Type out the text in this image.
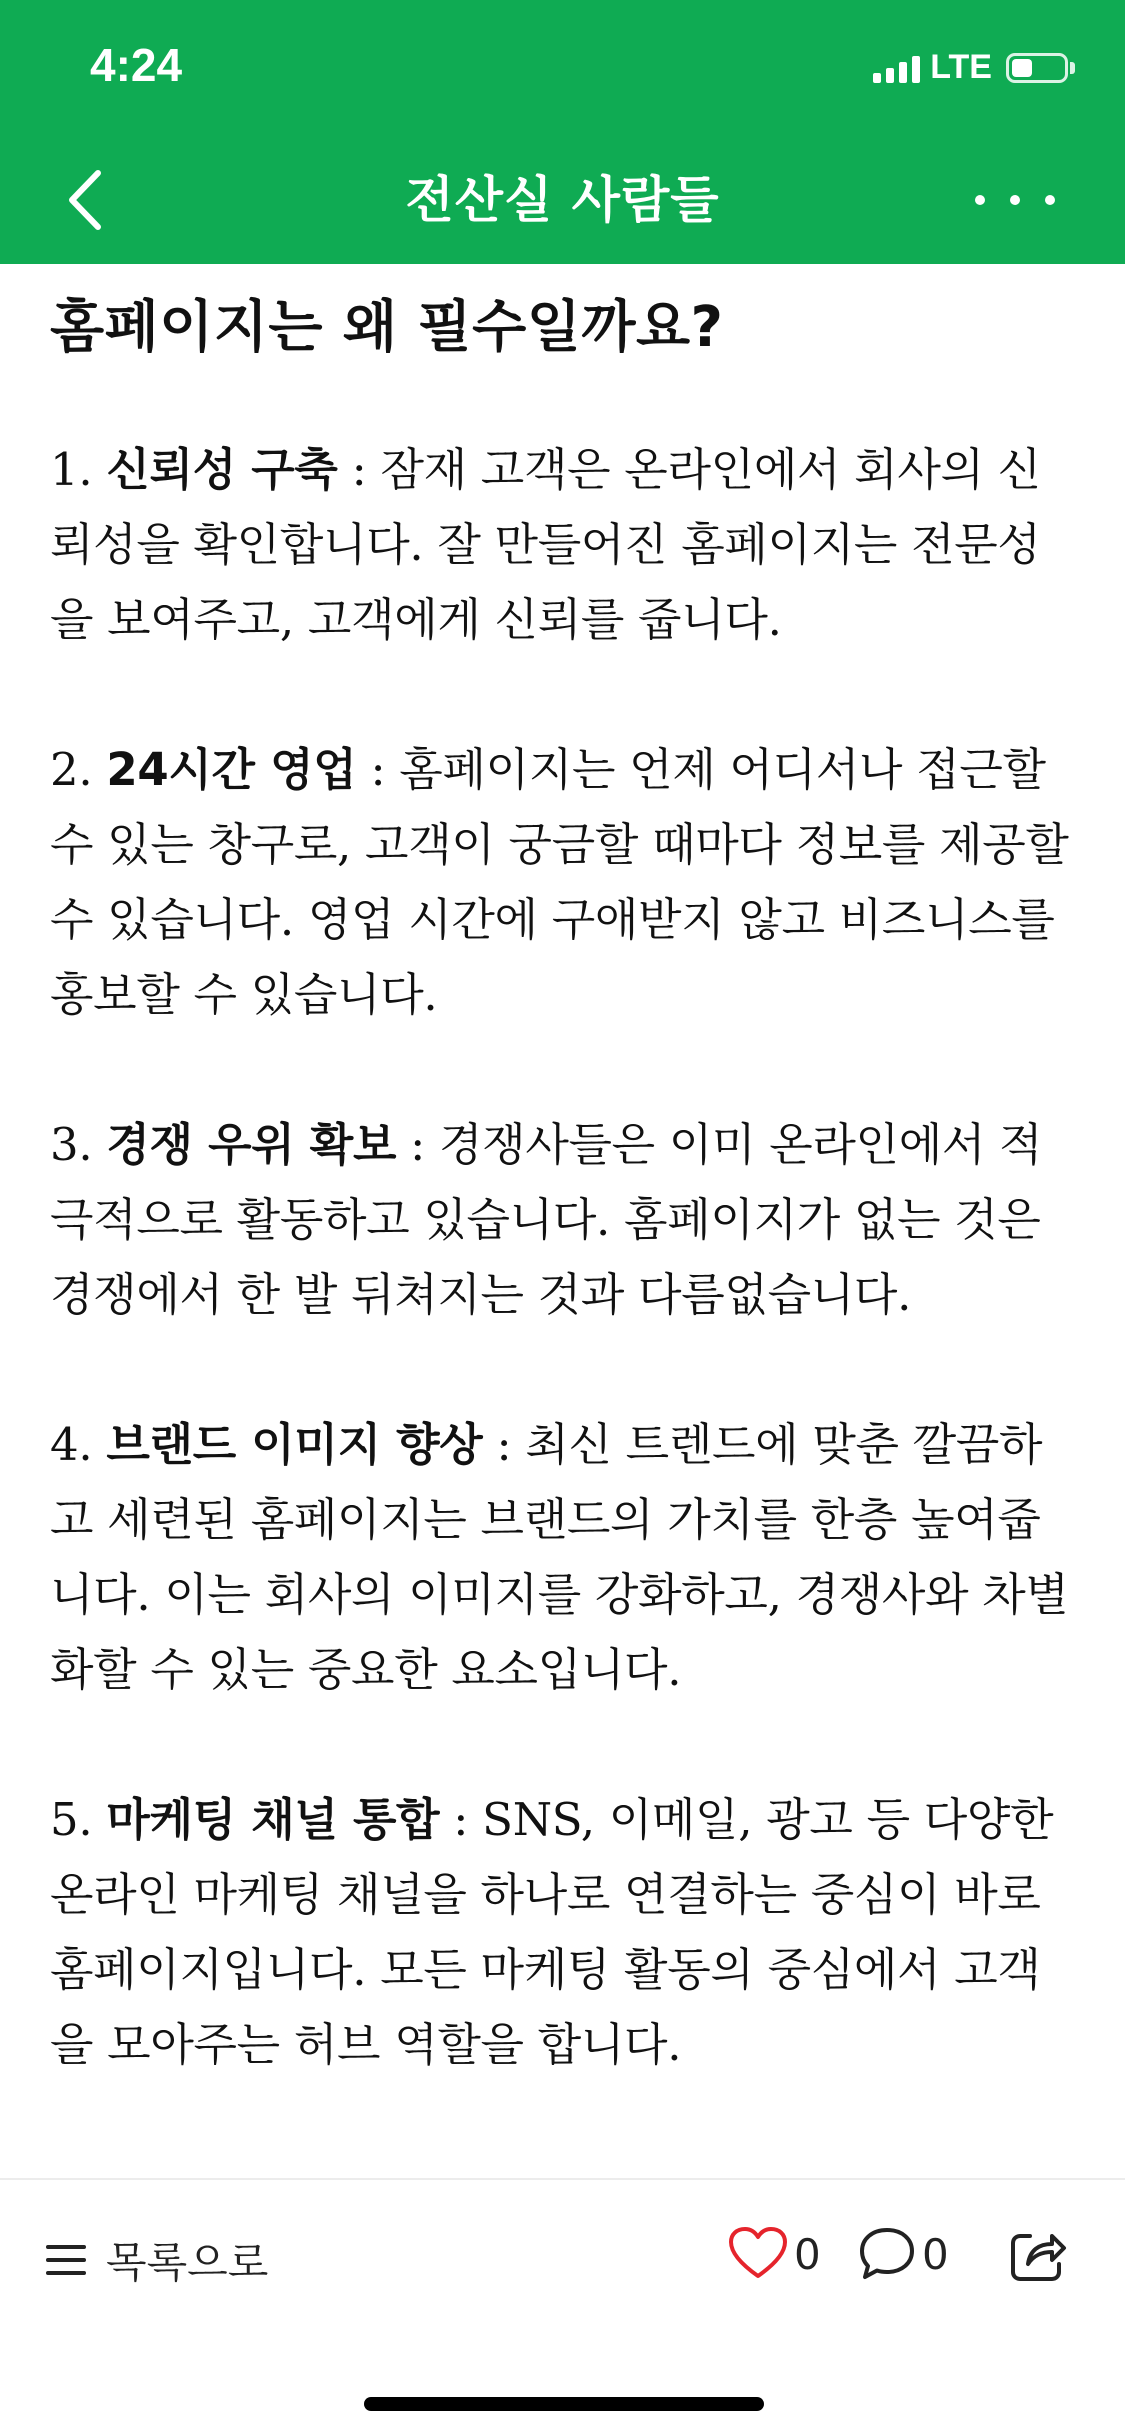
4:24	LTE
전산실 사람들
홈페이지는 왜 필수일까요?

1. 신뢰성 구축 : 잠재 고객은 온라인에서 회사의 신뢰성을 확인합니다. 잘 만들어진 홈페이지는 전문성을 보여주고, 고객에게 신뢰를 줍니다.

2. 24시간 영업 : 홈페이지는 언제 어디서나 접근할 수 있는 창구로, 고객이 궁금할 때마다 정보를 제공할 수 있습니다. 영업 시간에 구애받지 않고 비즈니스를 홍보할 수 있습니다.

3. 경쟁 우위 확보 : 경쟁사들은 이미 온라인에서 적극적으로 활동하고 있습니다. 홈페이지가 없는 것은 경쟁에서 한 발 뒤쳐지는 것과 다름없습니다.

4. 브랜드 이미지 향상 : 최신 트렌드에 맞춘 깔끔하고 세련된 홈페이지는 브랜드의 가치를 한층 높여줍니다. 이는 회사의 이미지를 강화하고, 경쟁사와 차별화할 수 있는 중요한 요소입니다.

5. 마케팅 채널 통합 : SNS, 이메일, 광고 등 다양한 온라인 마케팅 채널을 하나로 연결하는 중심이 바로 홈페이지입니다. 모든 마케팅 활동의 중심에서 고객을 모아주는 허브 역할을 합니다.

목록으로	0 0
